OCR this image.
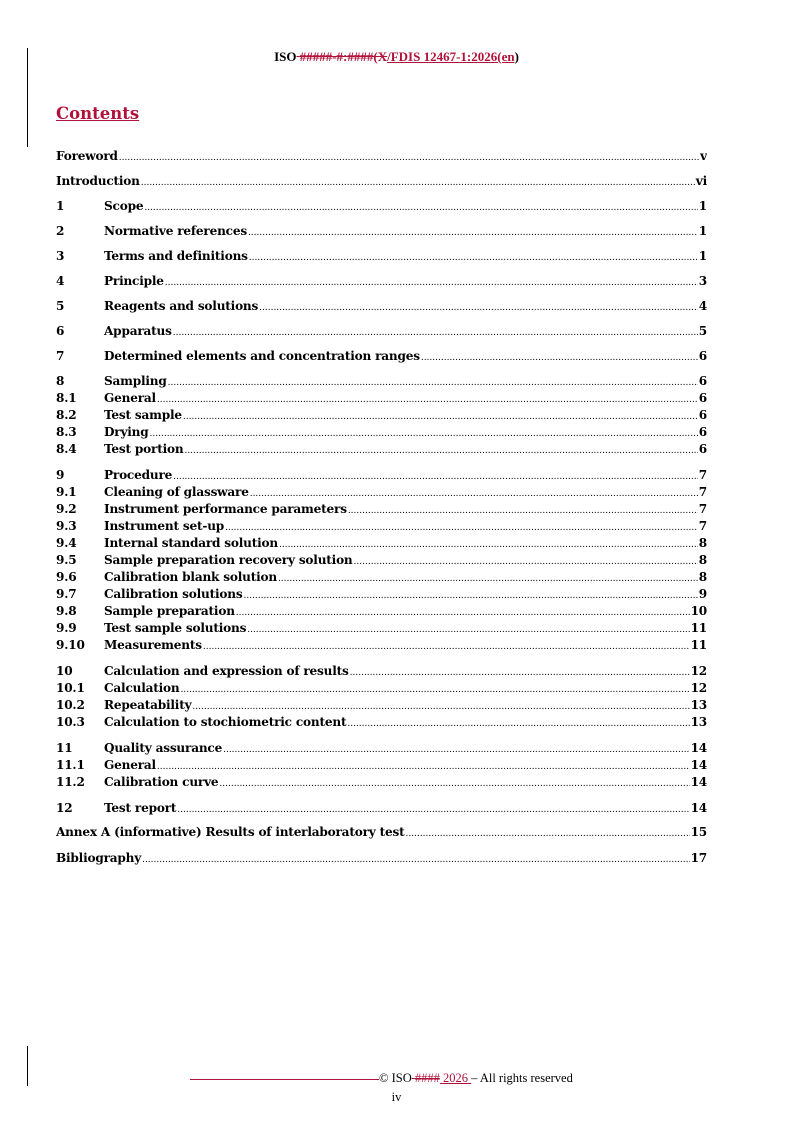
ISO #####-#:####(X/FDIS 12467-1:2026(en)
Contents
Foreword .....	v
Introduction .....	vi
1	Scope .....	1
2	Normative references .....	1
3	Terms and definitions .....	1
4	Principle .....	3
5	Reagents and solutions .....	4
6	Apparatus .....	5
7	Determined elements and concentration ranges .....	6
8	Sampling .....	6
8.1	General .....	6
8.2	Test sample .....	6
8.3	Drying .....	6
8.4	Test portion .....	6
9	Procedure .....	7
9.1	Cleaning of glassware .....	7
9.2	Instrument performance parameters .....	7
9.3	Instrument set-up .....	7
9.4	Internal standard solution .....	8
9.5	Sample preparation recovery solution .....	8
9.6	Calibration blank solution .....	8
9.7	Calibration solutions .....	9
9.8	Sample preparation .....	10
9.9	Test sample solutions .....	11
9.10	Measurements .....	11
10	Calculation and expression of results .....	12
10.1	Calculation .....	12
10.2	Repeatability .....	13
10.3	Calculation to stochiometric content .....	13
11	Quality assurance .....	14
11.1	General .....	14
11.2	Calibration curve .....	14
12	Test report .....	14
Annex A (informative) Results of interlaboratory test .....	15
Bibliography .....	17
© ISO #### 2026 – All rights reserved
iv
